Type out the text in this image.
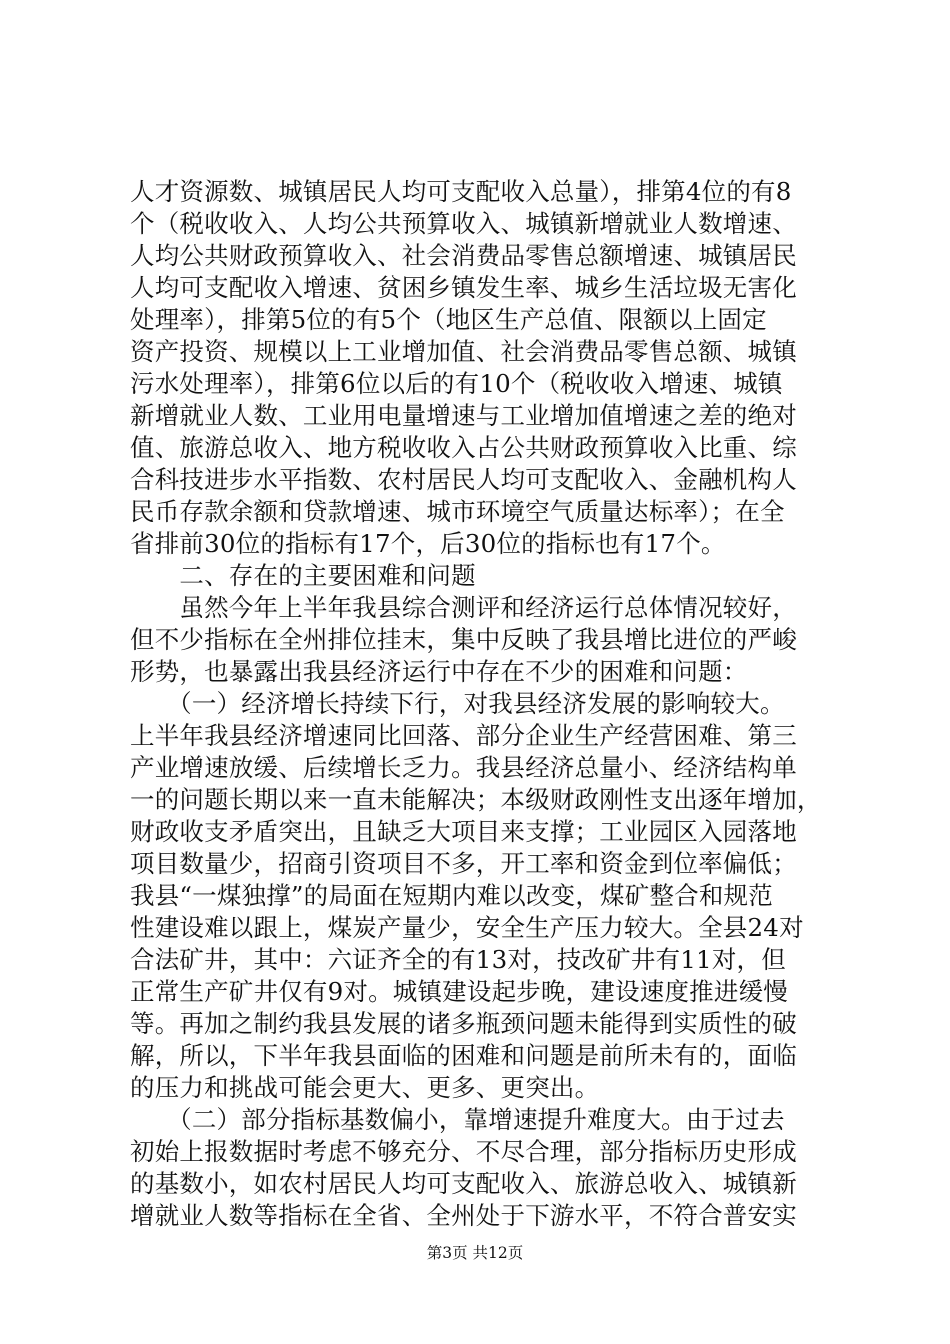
人才资源数、城镇居民人均可支配收入总量），排第4位的有8
个（税收收入、人均公共预算收入、城镇新增就业人数增速、
人均公共财政预算收入、社会消费品零售总额增速、城镇居民
人均可支配收入增速、贫困乡镇发生率、城乡生活垃圾无害化
处理率），排第5位的有5个（地区生产总值、限额以上固定
资产投资、规模以上工业增加值、社会消费品零售总额、城镇
污水处理率），排第6位以后的有10个（税收收入增速、城镇
新增就业人数、工业用电量增速与工业增加值增速之差的绝对
值、旅游总收入、地方税收收入占公共财政预算收入比重、综
合科技进步水平指数、农村居民人均可支配收入、金融机构人
民币存款余额和贷款增速、城市环境空气质量达标率）；在全
省排前30位的指标有17个，后30位的指标也有17个。
　　二、存在的主要困难和问题
　　虽然今年上半年我县综合测评和经济运行总体情况较好，
但不少指标在全州排位挂末，集中反映了我县增比进位的严峻
形势，也暴露出我县经济运行中存在不少的困难和问题：
　　（一）经济增长持续下行，对我县经济发展的影响较大。
上半年我县经济增速同比回落、部分企业生产经营困难、第三
产业增速放缓、后续增长乏力。我县经济总量小、经济结构单
一的问题长期以来一直未能解决；本级财政刚性支出逐年增加，
财政收支矛盾突出，且缺乏大项目来支撑；工业园区入园落地
项目数量少，招商引资项目不多，开工率和资金到位率偏低；
我县“一煤独撑”的局面在短期内难以改变，煤矿整合和规范
性建设难以跟上，煤炭产量少，安全生产压力较大。全县24对
合法矿井，其中：六证齐全的有13对，技改矿井有11对，但
正常生产矿井仅有9对。城镇建设起步晚，建设速度推进缓慢
等。再加之制约我县发展的诸多瓶颈问题未能得到实质性的破
解，所以，下半年我县面临的困难和问题是前所未有的，面临
的压力和挑战可能会更大、更多、更突出。
　　（二）部分指标基数偏小，靠增速提升难度大。由于过去
初始上报数据时考虑不够充分、不尽合理，部分指标历史形成
的基数小，如农村居民人均可支配收入、旅游总收入、城镇新
增就业人数等指标在全省、全州处于下游水平，不符合普安实
第3页 共12页
